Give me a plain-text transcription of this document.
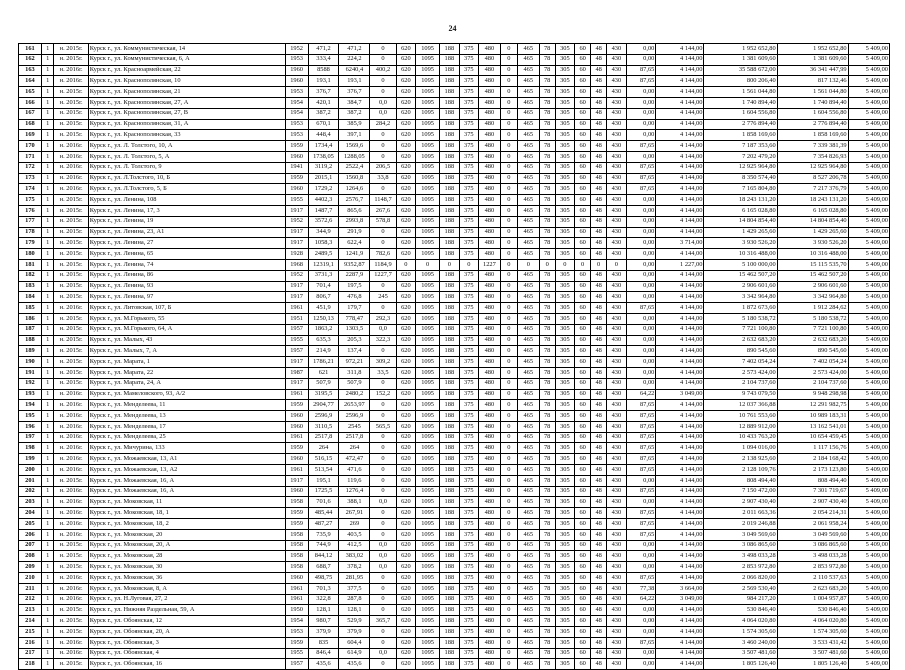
24
161	1	н. 2015г.	Курск г., ул. Коммунистическая, 14	1952	471,2	471,2	0	620	1095	188	375	480	0	465	78	305	60	48	430	0,00	4 144,00	1 952 652,80	1 952 652,80	5 409,00
162	1	н. 2015г.	Курск г., ул. Коммунистическая, 6, А	1953	333,4	224,2	0	620	1095	188	375	480	0	465	78	305	60	48	430	0,00	4 144,00	1 381 609,60	1 381 609,60	5 409,00
163	1	н. 2016г.	Курск г., ул. Красноармейская, 22	1960	8588	6240,4	400,2	620	1095	188	375	480	0	465	78	305	60	48	430	87,65	4 144,00	35 588 672,00	36 341 447,99	5 409,00
164	1	н. 2016г.	Курск г., ул. Краснополянская, 10	1960	193,1	193,1	0	620	1095	188	375	480	0	465	78	305	60	48	430	87,65	4 144,00	800 206,40	817 132,46	5 409,00
165	1	н. 2015г.	Курск г., ул. Краснополянская, 21	1953	376,7	376,7	0	620	1095	188	375	480	0	465	78	305	60	48	430	0,00	4 144,00	1 561 044,80	1 561 044,80	5 409,00
166	1	н. 2015г.	Курск г., ул. Краснополянская, 27, А	1954	420,1	384,7	0,0	620	1095	188	375	480	0	465	78	305	60	48	430	0,00	4 144,00	1 740 894,40	1 740 894,40	5 409,00
167	1	н. 2015г.	Курск г., ул. Краснополянская, 27, В	1954	387,2	387,2	0,0	620	1095	188	375	480	0	465	78	305	60	48	430	0,00	4 144,00	1 604 556,80	1 604 556,80	5 409,00
168	1	н. 2015г.	Курск г., ул. Краснополянская, 31, А	1953	670,1	385,9	284,2	620	1095	188	375	480	0	465	78	305	60	48	430	0,00	4 144,00	2 776 894,40	2 776 894,40	5 409,00
169	1	н. 2015г.	Курск г., ул. Краснополянская, 33	1953	448,4	397,1	0	620	1095	188	375	480	0	465	78	305	60	48	430	0,00	4 144,00	1 858 169,60	1 858 169,60	5 409,00
170	1	н. 2016г.	Курск г., ул. Л. Толстого, 10, А	1959	1734,4	1569,6	0	620	1095	188	375	480	0	465	78	305	60	48	430	87,65	4 144,00	7 187 353,60	7 339 381,39	5 409,00
171	1	н. 2016г.	Курск г., ул. Л. Толстого, 5, А	1960	1738,05	1288,05	0	620	1095	188	375	480	0	465	78	305	60	48	430	0,00	4 144,00	7 202 479,20	7 354 826,93	5 409,00
172	1	н. 2016г.	Курск г., ул. Л. Толстого, 9	1941	3119,2	2522,4	206,5	620	1095	188	375	480	0	465	78	305	60	48	430	87,65	4 144,00	12 925 964,80	12 925 964,80	5 409,00
173	1	н. 2016г.	Курск г., ул. Л.Толстого, 10, Б	1959	2015,1	1560,8	33,8	620	1095	188	375	480	0	465	78	305	60	48	430	87,65	4 144,00	8 350 574,40	8 527 206,78	5 409,00
174	1	н. 2016г.	Курск г., ул. Л.Толстого, 5, Б	1960	1729,2	1264,6	0	620	1095	188	375	480	0	465	78	305	60	48	430	87,65	4 144,00	7 165 804,80	7 217 376,79	5 409,00
175	1	н. 2015г.	Курск г., ул. Ленина, 108	1955	4402,3	2576,7	1148,7	620	1095	188	375	480	0	465	78	305	60	48	430	0,00	4 144,00	18 243 131,20	18 243 131,20	5 409,00
176	1	н. 2015г.	Курск г., ул. Ленина, 17, 3	1917	1487,7	865,6	267,6	620	1095	188	375	480	0	465	78	305	60	48	430	0,00	4 144,00	6 165 028,80	6 165 028,80	5 409,00
177	1	н. 2015г.	Курск г., ул. Ленина, 19	1952	3572,6	2993,8	578,8	620	1095	188	375	480	0	465	78	305	60	48	430	0,00	4 144,00	14 804 854,40	14 804 854,40	5 409,00
178	1	н. 2015г.	Курск г., ул. Ленина, 23, А1	1917	344,9	291,9	0	620	1095	188	375	480	0	465	78	305	60	48	430	0,00	4 144,00	1 429 265,60	1 429 265,60	5 409,00
179	1	н. 2015г.	Курск г., ул. Ленина, 27	1917	1058,3	622,4	0	620	1095	188	375	480	0	465	78	305	60	48	430	0,00	3 714,00	3 930 526,20	3 930 526,20	5 409,00
180	1	н. 2015г.	Курск г., ул. Ленина, 65	1928	2489,5	1241,9	782,6	620	1095	188	375	480	0	465	78	305	60	48	430	0,00	4 144,00	10 316 488,00	10 316 488,00	5 409,00
181	1	н. 2015г.	Курск г., ул. Ленина, 74	1968	12319,1	9352,87	1184,9	0	0	0	0	1227	0	0	0	0	0	0	0	0,00	1 227,00	5 100 000,00	15 115 535,70	5 409,00
182	1	н. 2015г.	Курск г., ул. Ленина, 86	1952	3731,3	2287,9	1227,7	620	1095	188	375	480	0	465	78	305	60	48	430	0,00	4 144,00	15 462 507,20	15 462 507,20	5 409,00
183	1	н. 2015г.	Курск г., ул. Ленина, 93	1917	701,4	197,5	0	620	1095	188	375	480	0	465	78	305	60	48	430	0,00	4 144,00	2 906 601,60	2 906 601,60	5 409,00
184	1	н. 2015г.	Курск г., ул. Ленина, 97	1917	806,7	476,8	245	620	1095	188	375	480	0	465	78	305	60	48	430	0,00	4 144,00	3 342 964,80	3 342 964,80	5 409,00
185	1	н. 2016г.	Курск г., ул. Литовская, 107, Б	1961	451,9	179,7	0	620	1095	188	375	480	0	465	78	305	60	48	430	87,65	4 144,00	1 872 673,60	1 912 284,62	5 409,00
186	1	н. 2015г.	Курск г., ул. М.Горького, 55	1951	1250,13	778,47	292,3	620	1095	188	375	480	0	465	78	305	60	48	430	0,00	4 144,00	5 180 538,72	5 180 538,72	5 409,00
187	1	н. 2015г.	Курск г., ул. М.Горького, 64, А	1957	1863,2	1303,5	0,0	620	1095	188	375	480	0	465	78	305	60	48	430	0,00	4 144,00	7 721 100,80	7 721 100,80	5 409,00
188	1	н. 2015г.	Курск г., ул. Малых, 43	1955	635,3	205,3	322,3	620	1095	188	375	480	0	465	78	305	60	48	430	0,00	4 144,00	2 632 683,20	2 632 683,20	5 409,00
189	1	н. 2015г.	Курск г., ул. Малых, 7, А	1957	214,9	137,4	0	620	1095	188	375	480	0	465	78	305	60	48	430	0,00	4 144,00	890 545,60	890 545,60	5 409,00
190	1	н. 2015г.	Курск г., ул. Марата, 1	1917	1786,21	972,21	309,2	620	1095	188	375	480	0	465	78	305	60	48	430	0,00	4 144,00	7 402 054,24	7 402 054,24	5 409,00
191	1	н. 2015г.	Курск г., ул. Марата, 22	1987	621	311,8	33,5	620	1095	188	375	480	0	465	78	305	60	48	430	0,00	4 144,00	2 573 424,00	2 573 424,00	5 409,00
192	1	н. 2015г.	Курск г., ул. Марата, 24, А	1917	507,9	507,9	0	620	1095	188	375	480	0	465	78	305	60	48	430	0,00	4 144,00	2 104 737,60	2 104 737,60	5 409,00
193	1	н. 2016г.	Курск г., ул. Мамеловского, 93, А/2	1961	3195,5	2480,2	152,2	620	1095	188	375	480	0	465	78	305	60	48	430	64,22	3 049,00	9 743 079,50	9 948 298,98	5 409,00
194	1	н. 2016г.	Курск г., ул. Менделеева, 11	1959	2904,77	2653,97	0	620	1095	188	375	480	0	465	78	305	60	48	430	87,65	4 144,00	12 037 366,88	12 291 982,75	5 409,00
195	1	н. 2016г.	Курск г., ул. Менделеева, 13	1960	2596,9	2596,9	0	620	1095	188	375	480	0	465	78	305	60	48	430	87,65	4 144,00	10 761 553,60	10 989 183,31	5 409,00
196	1	н. 2016г.	Курск г., ул. Менделеева, 17	1960	3110,5	2545	565,5	620	1095	188	375	480	0	465	78	305	60	48	430	87,65	4 144,00	12 889 912,00	13 162 541,01	5 409,00
197	1	н. 2016г.	Курск г., ул. Менделеева, 25	1961	2517,8	2517,8	0	620	1095	188	375	480	0	465	78	305	60	48	430	87,65	4 144,00	10 433 763,20	10 654 459,45	5 409,00
198	1	н. 2016г.	Курск г., ул. Мичурина, 133	1959	264	264	0	620	1095	188	375	480	0	465	78	305	60	48	430	87,65	4 144,00	1 094 016,00	1 117 156,76	5 409,00
199	1	н. 2016г.	Курск г., ул. Можаевская, 13, А1	1960	516,15	472,47	0	620	1095	188	375	480	0	465	78	305	60	48	430	87,65	4 144,00	2 138 925,60	2 184 168,42	5 409,00
200	1	н. 2016г.	Курск г., ул. Можаевская, 13, А2	1961	513,54	471,6	0	620	1095	188	375	480	0	465	78	305	60	48	430	87,65	4 144,00	2 128 109,76	2 173 123,80	5 409,00
201	1	н. 2015г.	Курск г., ул. Можаевская, 16, А	1917	195,1	119,6	0	620	1095	188	375	480	0	465	78	305	60	48	430	0,00	4 144,00	808 494,40	808 494,40	5 409,00
202	1	н. 2016г.	Курск г., ул. Можаевская, 16, А	1960	1725,5	1276,4	0	620	1095	188	375	480	0	465	78	305	60	48	430	87,65	4 144,00	7 150 472,00	7 301 719,67	5 409,00
203	1	н. 2016г.	Курск г., ул. Моковская, 11	1958	701,6	388,1	0,0	620	1095	188	375	480	0	465	78	305	60	48	430	0,00	4 144,00	2 907 430,40	2 907 430,40	5 409,00
204	1	н. 2016г.	Курск г., ул. Моковская, 18, 1	1959	485,44	267,91	0	620	1095	188	375	480	0	465	78	305	60	48	430	87,65	4 144,00	2 011 663,36	2 054 214,31	5 409,00
205	1	н. 2016г.	Курск г., ул. Моковская, 18, 2	1959	487,27	269	0	620	1095	188	375	480	0	465	78	305	60	48	430	87,65	4 144,00	2 019 246,88	2 061 958,24	5 409,00
206	1	н. 2016г.	Курск г., ул. Моковская, 20	1958	735,9	403,5	0	620	1095	188	375	480	0	465	78	305	60	48	430	87,65	4 144,00	3 049 569,60	3 049 569,60	5 409,00
207	1	н. 2015г.	Курск г., ул. Моковская, 20, А	1958	744,9	412,5	0,0	620	1095	188	375	480	0	465	78	305	60	48	430	0,00	4 144,00	3 086 865,60	3 086 865,60	5 409,00
208	1	н. 2015г.	Курск г., ул. Моковская, 28	1958	844,12	383,02	0,0	620	1095	188	375	480	0	465	78	305	60	48	430	0,00	4 144,00	3 498 033,28	3 498 033,28	5 409,00
209	1	н. 2015г.	Курск г., ул. Моковская, 30	1958	688,7	378,2	0,0	620	1095	188	375	480	0	465	78	305	60	48	430	0,00	4 144,00	2 853 972,80	2 853 972,80	5 409,00
210	1	н. 2016г.	Курск г., ул. Моковская, 36	1960	498,75	281,95	0	620	1095	188	375	480	0	465	78	305	60	48	430	87,65	4 144,00	2 066 820,00	2 110 537,63	5 409,00
211	1	н. 2016г.	Курск г., ул. Моковская, 8, А	1961	701,3	377,5	0	620	1095	188	375	480	0	465	78	305	60	48	430	77,38	3 664,00	2 569 530,40	2 623 683,20	5 409,00
212	1	н. 2016г.	Курск г., ул. Н.Луговая, 27, 2	1961	322,8	287,8	0	620	1095	188	375	480	0	465	78	305	60	48	430	64,22	3 049,00	984 217,20	1 004 957,87	5 409,00
213	1	н. 2015г.	Курск г., ул. Нижняя Раздельная, 59, А	1950	128,1	128,1	0	620	1095	188	375	480	0	465	78	305	60	48	430	0,00	4 144,00	530 846,40	530 846,40	5 409,00
214	1	н. 2015г.	Курск г., ул. Обоянская, 12	1954	980,7	529,9	365,7	620	1095	188	375	480	0	465	78	305	60	48	430	0,00	4 144,00	4 064 020,80	4 064 020,80	5 409,00
215	1	н. 2015г.	Курск г., ул. Обоянская, 20, А	1953	379,9	379,9	0	620	1095	188	375	480	0	465	78	305	60	48	430	0,00	4 144,00	1 574 305,60	1 574 305,60	5 409,00
216	1	н. 2016г.	Курск г., ул. Обоянская, 3	1959	835	604,4	0	620	1095	188	375	480	0	465	78	305	60	48	430	87,65	4 144,00	3 460 240,00	3 533 431,42	5 409,00
217	1	н. 2016г.	Курск г., ул. Обоянская, 4	1955	846,4	614,9	0,0	620	1095	188	375	480	0	465	78	305	60	48	430	0,00	4 144,00	3 507 481,60	3 507 481,60	5 409,00
218	1	н. 2015г.	Курск г., ул. Обоянская, 16	1957	435,6	435,6	0	620	1095	188	375	480	0	465	78	305	60	48	430	0,00	4 144,00	1 805 126,40	1 805 126,40	5 409,00
